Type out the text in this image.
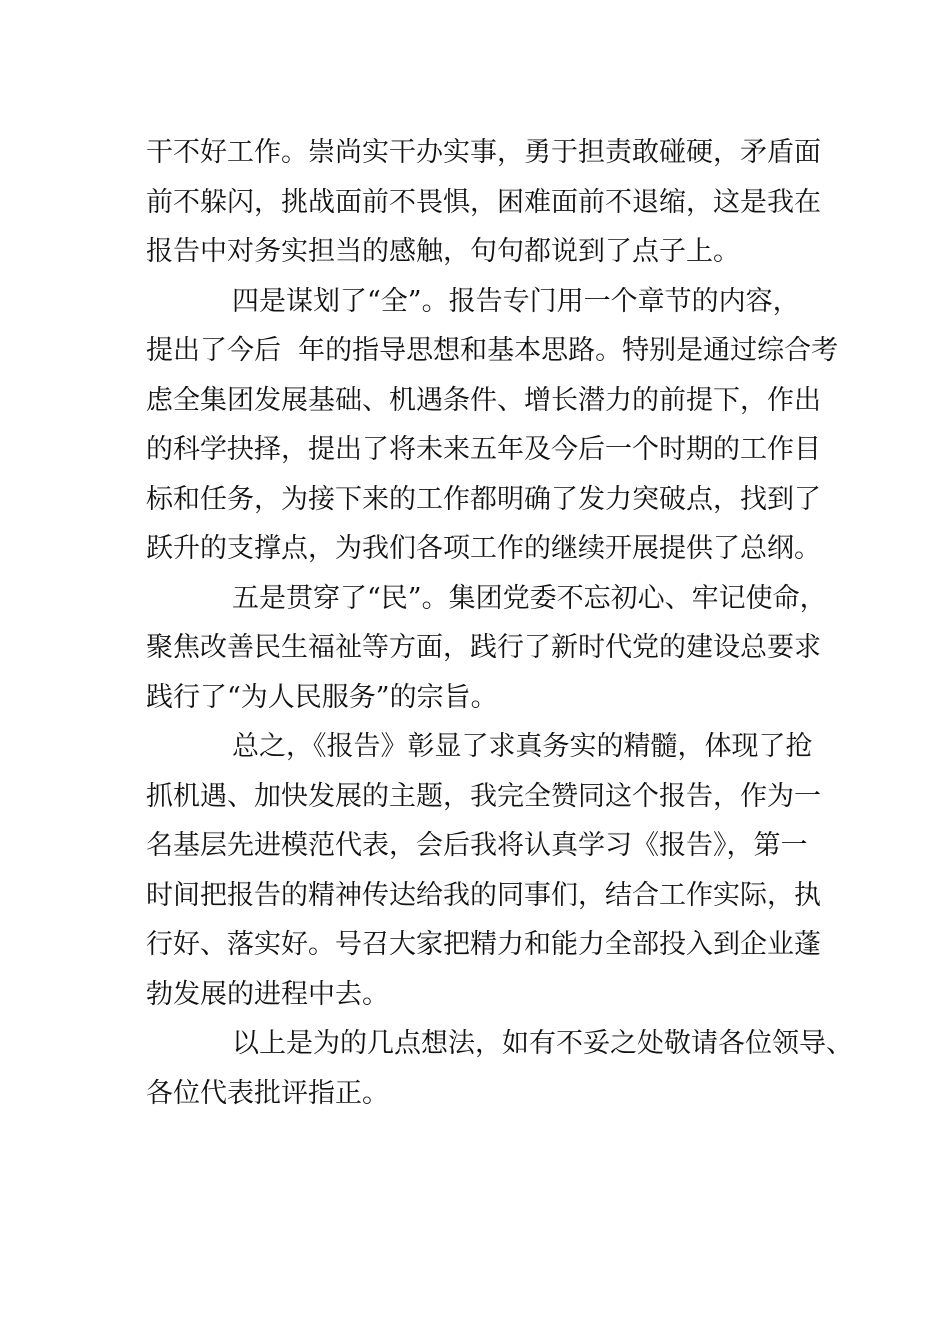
干不好工作。崇尚实干办实事，勇于担责敢碰硬，矛盾面
前不躲闪，挑战面前不畏惧，困难面前不退缩，这是我在
报告中对务实担当的感触，句句都说到了点子上。
四是谋划了“全”。报告专门用一个章节的内容，
提出了今后  年的指导思想和基本思路。特别是通过综合考
虑全集团发展基础、机遇条件、增长潜力的前提下，作出
的科学抉择，提出了将未来五年及今后一个时期的工作目
标和任务，为接下来的工作都明确了发力突破点，找到了
跃升的支撑点，为我们各项工作的继续开展提供了总纲。
五是贯穿了“民”。集团党委不忘初心、牢记使命，
聚焦改善民生福祉等方面，践行了新时代党的建设总要求
践行了“为人民服务”的宗旨。
总之，《报告》彰显了求真务实的精髓，体现了抢
抓机遇、加快发展的主题，我完全赞同这个报告，作为一
名基层先进模范代表，会后我将认真学习《报告》，第一
时间把报告的精神传达给我的同事们，结合工作实际，执
行好、落实好。号召大家把精力和能力全部投入到企业蓬
勃发展的进程中去。
以上是为的几点想法，如有不妥之处敬请各位领导、
各位代表批评指正。
